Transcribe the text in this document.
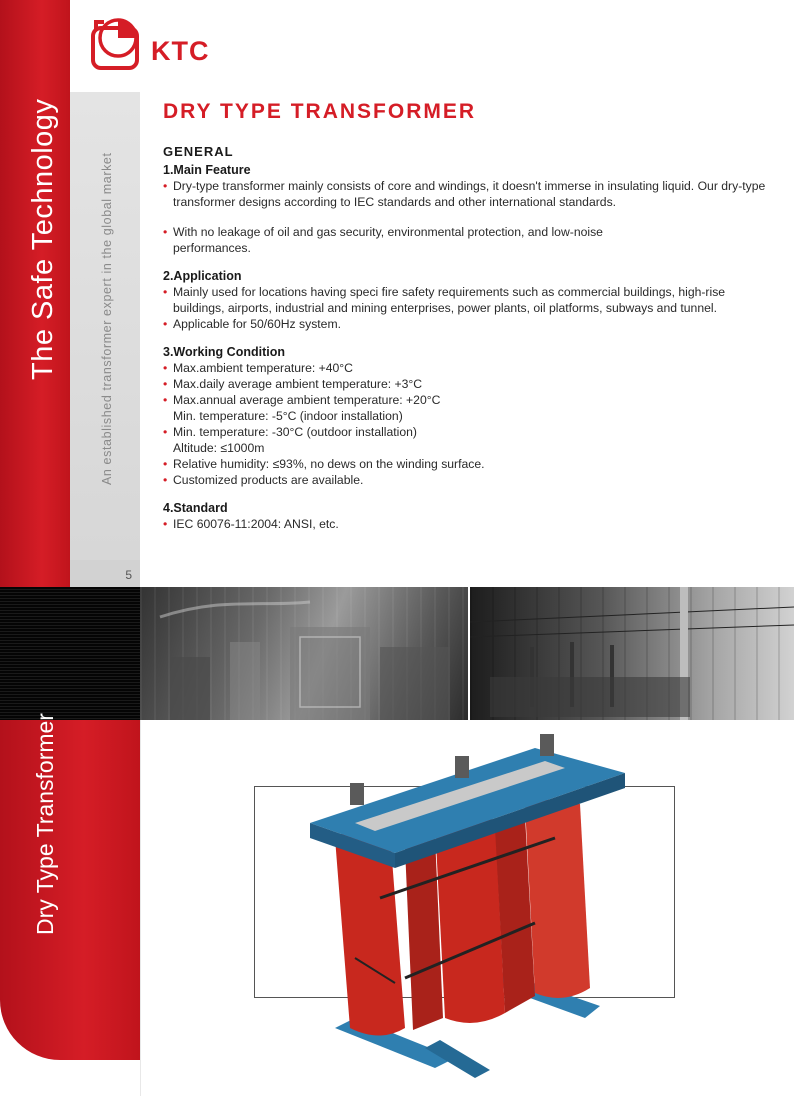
The Safe Technology	An established transformer expert in the global market
5
KTC
DRY TYPE TRANSFORMER
GENERAL
1.Main Feature
• Dry-type transformer mainly consists of core and windings, it doesn't immerse in insulating liquid. Our dry-type transformer designs according to IEC standards and other international standards.
• With no leakage of oil and gas security, environmental protection, and low-noise performances.
2.Application
• Mainly used for locations having speci fire safety requirements such as commercial buildings, high-rise buildings, airports, industrial and mining enterprises, power plants, oil platforms, subways and tunnel.
• Applicable for 50/60Hz system.
3.Working Condition
• Max.ambient temperature: +40°C
• Max.daily average ambient temperature: +3°C
• Max.annual average ambient temperature: +20°C
Min. temperature: -5°C (indoor installation)
• Min. temperature: -30°C (outdoor installation)
Altitude: ≤1000m
• Relative humidity: ≤93%, no dews on the winding surface.
• Customized products are available.
4.Standard
• IEC 60076-11:2004: ANSI, etc.
Dry Type Transformer
